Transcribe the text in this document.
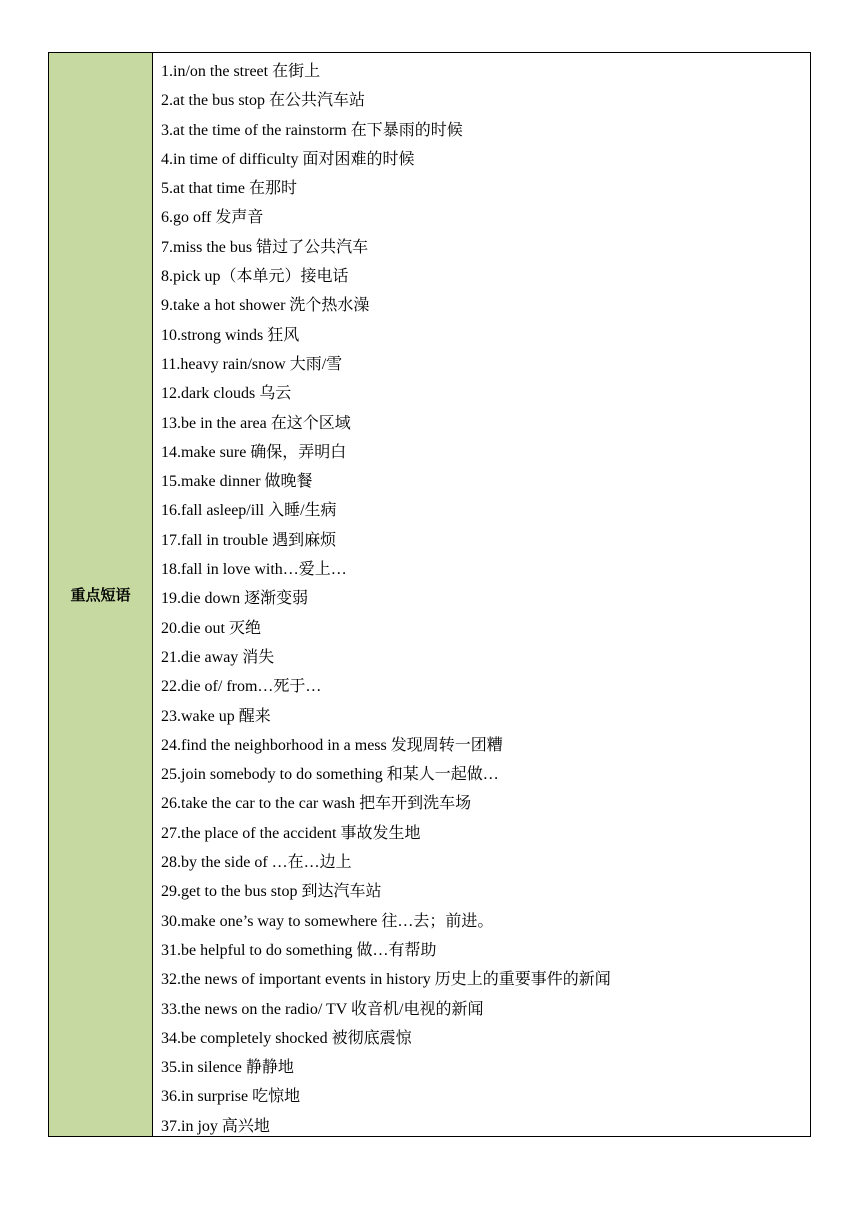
重点短语
1.in/on the street 在街上
2.at the bus stop 在公共汽车站
3.at the time of the rainstorm 在下暴雨的时候
4.in time of difficulty 面对困难的时候
5.at that time 在那时
6.go off 发声音
7.miss the bus 错过了公共汽车
8.pick up（本单元）接电话
9.take a hot shower 洗个热水澡
10.strong winds 狂风
11.heavy rain/snow 大雨/雪
12.dark clouds 乌云
13.be in the area 在这个区域
14.make sure 确保，弄明白
15.make dinner 做晚餐
16.fall asleep/ill 入睡/生病
17.fall in trouble 遇到麻烦
18.fall in love with…爱上…
19.die down 逐渐变弱
20.die out 灭绝
21.die away 消失
22.die of/ from…死于…
23.wake up 醒来
24.find the neighborhood in a mess 发现周转一团糟
25.join somebody to do something 和某人一起做…
26.take the car to the car wash 把车开到洗车场
27.the place of the accident 事故发生地
28.by the side of …在…边上
29.get to the bus stop 到达汽车站
30.make one’s way to somewhere 往…去；前进。
31.be helpful to do something 做…有帮助
32.the news of important events in history 历史上的重要事件的新闻
33.the news on the radio/ TV 收音机/电视的新闻
34.be completely shocked 被彻底震惊
35.in silence 静静地
36.in surprise 吃惊地
37.in joy 高兴地
